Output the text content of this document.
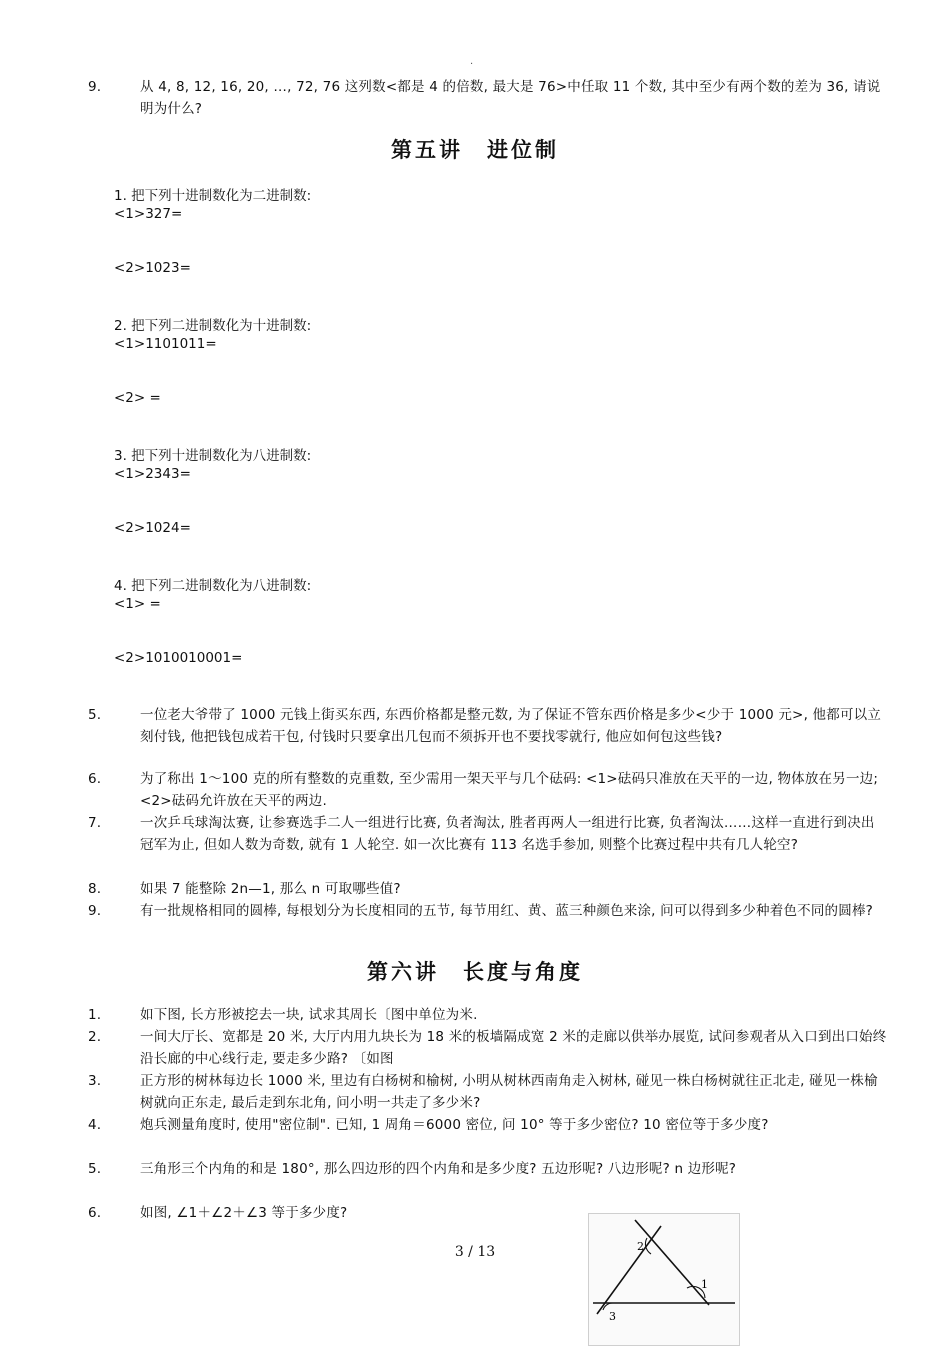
.
9.	从 4, 8, 12, 16, 20, …, 72, 76 这列数<都是 4 的倍数, 最大是 76>中任取 11 个数, 其中至少有两个数的差为 36, 请说明为什么?
第五讲　进位制
1. 把下列十进制数化为二进制数:
<1>327=
<2>1023=
2. 把下列二进制数化为十进制数:
<1>1101011=
<2> =
3. 把下列十进制数化为八进制数:
<1>2343=
<2>1024=
4. 把下列二进制数化为八进制数:
<1> =
<2>1010010001=
5.	一位老大爷带了 1000 元钱上街买东西, 东西价格都是整元数, 为了保证不管东西价格是多少<少于 1000 元>, 他都可以立刻付钱, 他把钱包成若干包, 付钱时只要拿出几包而不须拆开也不要找零就行, 他应如何包这些钱?
6.	为了称出 1～100 克的所有整数的克重数, 至少需用一架天平与几个砝码: <1>砝码只准放在天平的一边, 物体放在另一边; <2>砝码允许放在天平的两边.
7.	一次乒乓球淘汰赛, 让参赛选手二人一组进行比赛, 负者淘汰, 胜者再两人一组进行比赛, 负者淘汰……这样一直进行到决出冠军为止, 但如人数为奇数, 就有 1 人轮空. 如一次比赛有 113 名选手参加, 则整个比赛过程中共有几人轮空?
8.	如果 7 能整除 2n—1, 那么 n 可取哪些值?
9.	有一批规格相同的圆棒, 每根划分为长度相同的五节, 每节用红、黄、蓝三种颜色来涂, 问可以得到多少种着色不同的圆棒?
第六讲　长度与角度
1.	如下图, 长方形被挖去一块, 试求其周长〔图中单位为米.
2.	一间大厅长、宽都是 20 米, 大厅内用九块长为 18 米的板墙隔成宽 2 米的走廊以供举办展览, 试问参观者从入口到出口始终沿长廊的中心线行走, 要走多少路? 〔如图
3.	正方形的树林每边长 1000 米, 里边有白杨树和榆树, 小明从树林西南角走入树林, 碰见一株白杨树就往正北走, 碰见一株榆树就向正东走, 最后走到东北角, 问小明一共走了多少米?
4.	炮兵测量角度时, 使用"密位制". 已知, 1 周角＝6000 密位, 问 10° 等于多少密位? 10 密位等于多少度?
5.	三角形三个内角的和是 180°, 那么四边形的四个内角和是多少度? 五边形呢? 八边形呢? n 边形呢?
6.	如图, ∠1＋∠2＋∠3 等于多少度?
2
1
3
3 / 13
